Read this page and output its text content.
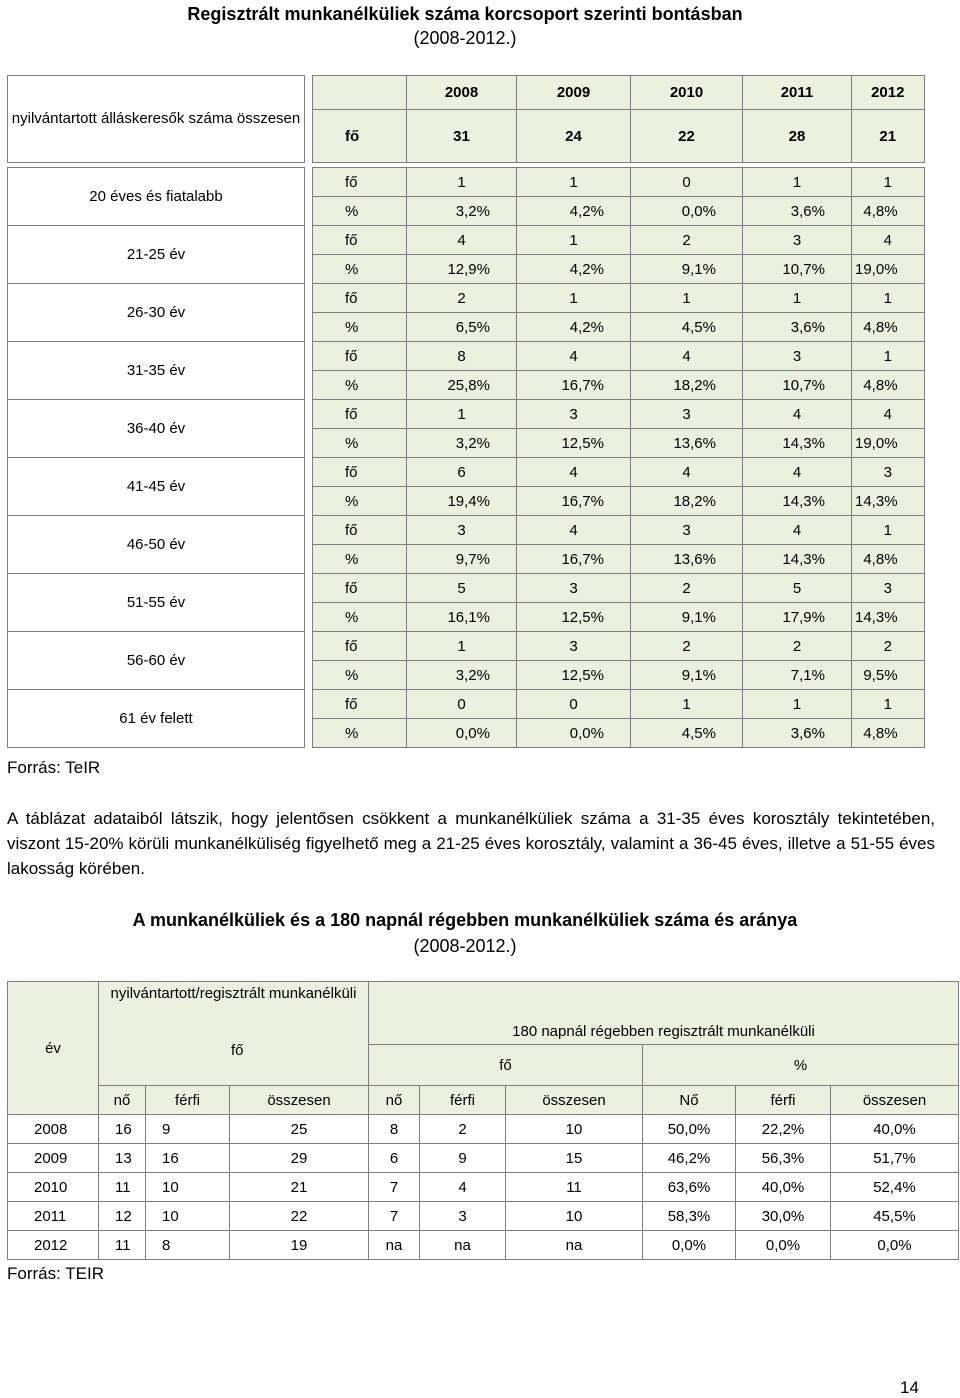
Regisztrált munkanélküliek száma korcsoport szerinti bontásban
(2008-2012.)
nyilvántartott álláskeresők száma összesen			2008	2009	2010	2011	2012
		fő	31	24	22	28	21

20 éves és fiatalabb		fő	1	1	0	1	1
		%	3,2%	4,2%	0,0%	3,6%	4,8%
21-25 év		fő	4	1	2	3	4
		%	12,9%	4,2%	9,1%	10,7%	19,0%
26-30 év		fő	2	1	1	1	1
		%	6,5%	4,2%	4,5%	3,6%	4,8%
31-35 év		fő	8	4	4	3	1
		%	25,8%	16,7%	18,2%	10,7%	4,8%
36-40 év		fő	1	3	3	4	4
		%	3,2%	12,5%	13,6%	14,3%	19,0%
41-45 év		fő	6	4	4	4	3
		%	19,4%	16,7%	18,2%	14,3%	14,3%
46-50 év		fő	3	4	3	4	1
		%	9,7%	16,7%	13,6%	14,3%	4,8%
51-55 év		fő	5	3	2	5	3
		%	16,1%	12,5%	9,1%	17,9%	14,3%
56-60 év		fő	1	3	2	2	2
		%	3,2%	12,5%	9,1%	7,1%	9,5%
61 év felett		fő	0	0	1	1	1
		%	0,0%	0,0%	4,5%	3,6%	4,8%
Forrás: TeIR
A táblázat adataiból látszik, hogy jelentősen csökkent a munkanélküliek száma a 31-35 éves korosztály tekintetében, viszont 15-20% körüli munkanélküliség figyelhető meg a 21-25 éves korosztály, valamint a 36-45 éves, illetve a 51-55 éves lakosság körében.
A munkanélküliek és a 180 napnál régebben munkanélküliek száma és aránya
(2008-2012.)
év	nyilvántartott/regisztrált munkanélküli			180 napnál régebben regisztrált munkanélküli					
				fő			%		
	nő	férfi	összesen	nő	férfi	összesen	Nő	férfi	összesen
2008	16	9	25	8	2	10	50,0%	22,2%	40,0%
2009	13	16	29	6	9	15	46,2%	56,3%	51,7%
2010	11	10	21	7	4	11	63,6%	40,0%	52,4%
2011	12	10	22	7	3	10	58,3%	30,0%	45,5%
2012	11	8	19	na	na	na	0,0%	0,0%	0,0%
fő
Forrás: TEIR
14
